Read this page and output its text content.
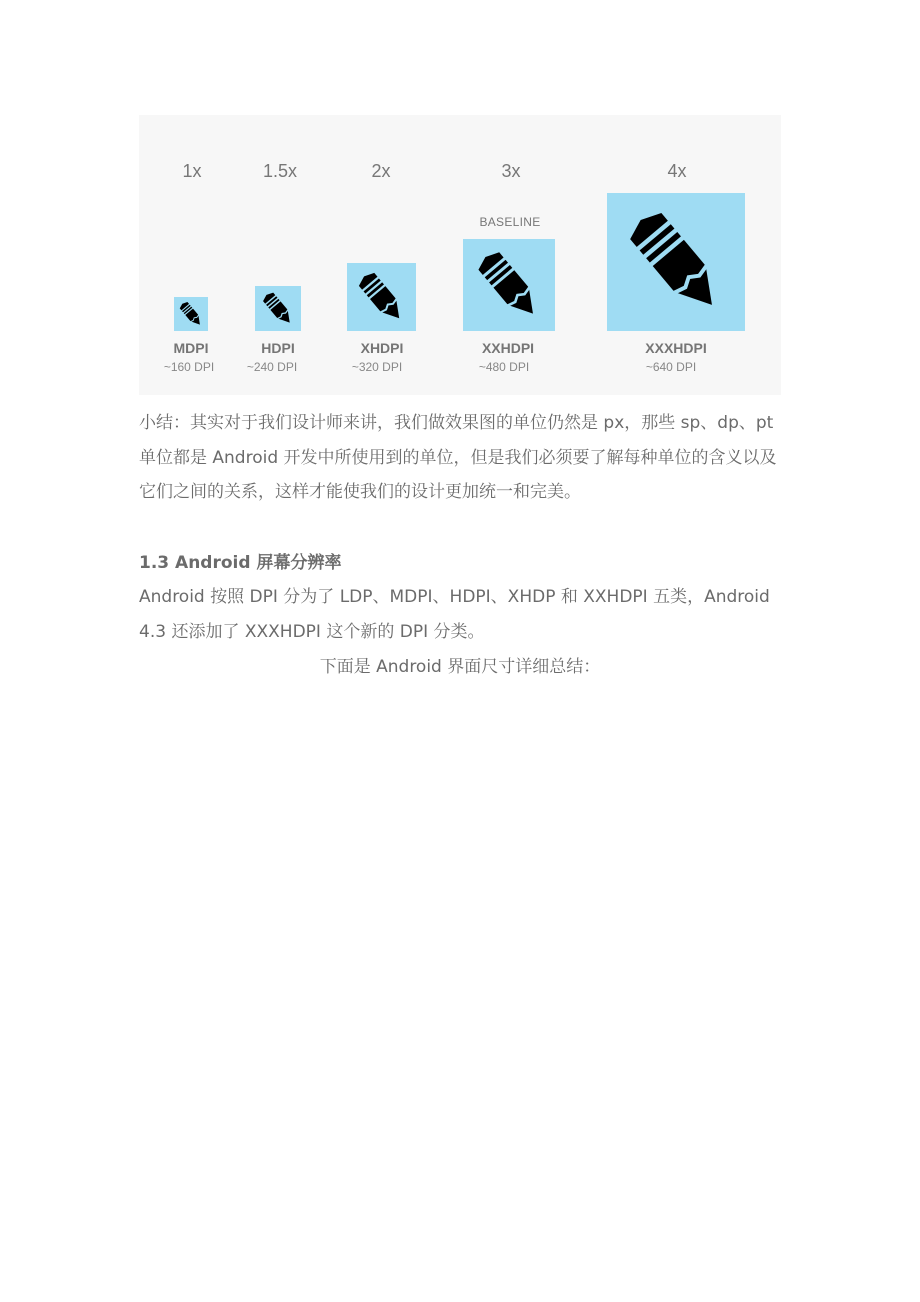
1x	1.5x	2x	3x	4x
BASELINE
MDPI	HDPI	XHDPI	XXHDPI	XXXHDPI
~160 DPI	~240 DPI	~320 DPI	~480 DPI	~640 DPI

小结：其实对于我们设计师来讲，我们做效果图的单位仍然是 px，那些 sp、dp、pt 单位都是 Android 开发中所使用到的单位，但是我们必须要了解每种单位的含义以及它们之间的关系，这样才能使我们的设计更加统一和完美。

1.3 Android 屏幕分辨率

Android 按照 DPI 分为了 LDP、MDPI、HDPI、XHDP 和 XXHDPI 五类，Android 4.3 还添加了 XXXHDPI 这个新的 DPI 分类。

下面是 Android 界面尺寸详细总结：
